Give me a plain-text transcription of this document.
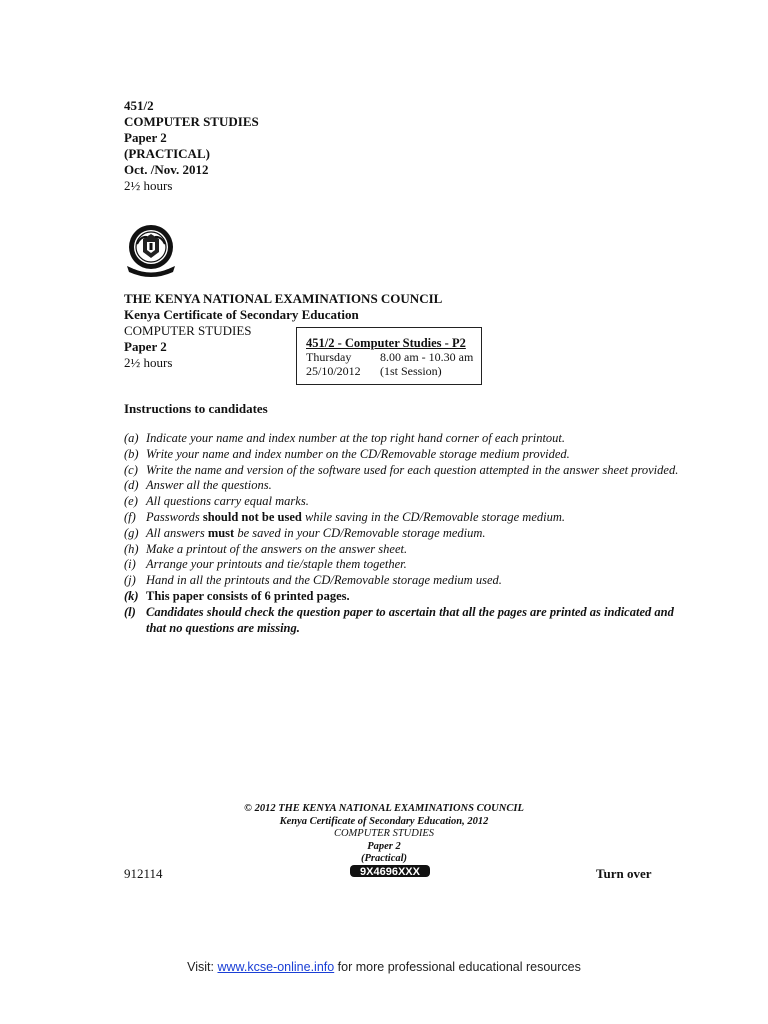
451/2
COMPUTER STUDIES
Paper 2
(PRACTICAL)
Oct. /Nov. 2012
2½ hours
THE KENYA NATIONAL EXAMINATIONS COUNCIL
Kenya Certificate of Secondary Education
COMPUTER STUDIES
Paper 2
2½ hours
451/2 - Computer Studies - P2
Thursday	8.00 am - 10.30 am
25/10/2012	(1st Session)
Instructions to candidates
(a) Indicate your name and index number at the top right hand corner of each printout.
(b) Write your name and index number on the CD/Removable storage medium provided.
(c) Write the name and version of the software used for each question attempted in the answer sheet provided.
(d) Answer all the questions.
(e) All questions carry equal marks.
(f) Passwords should not be used while saving in the CD/Removable storage medium.
(g) All answers must be saved in your CD/Removable storage medium.
(h) Make a printout of the answers on the answer sheet.
(i) Arrange your printouts and tie/staple them together.
(j) Hand in all the printouts and the CD/Removable storage medium used.
(k) This paper consists of 6 printed pages.
(l) Candidates should check the question paper to ascertain that all the pages are printed as indicated and that no questions are missing.
© 2012 THE KENYA NATIONAL EXAMINATIONS COUNCIL
Kenya Certificate of Secondary Education, 2012
COMPUTER STUDIES
Paper 2
(Practical)
912114	9X4696XXX	Turn over
Visit: www.kcse-online.info for more professional educational resources
